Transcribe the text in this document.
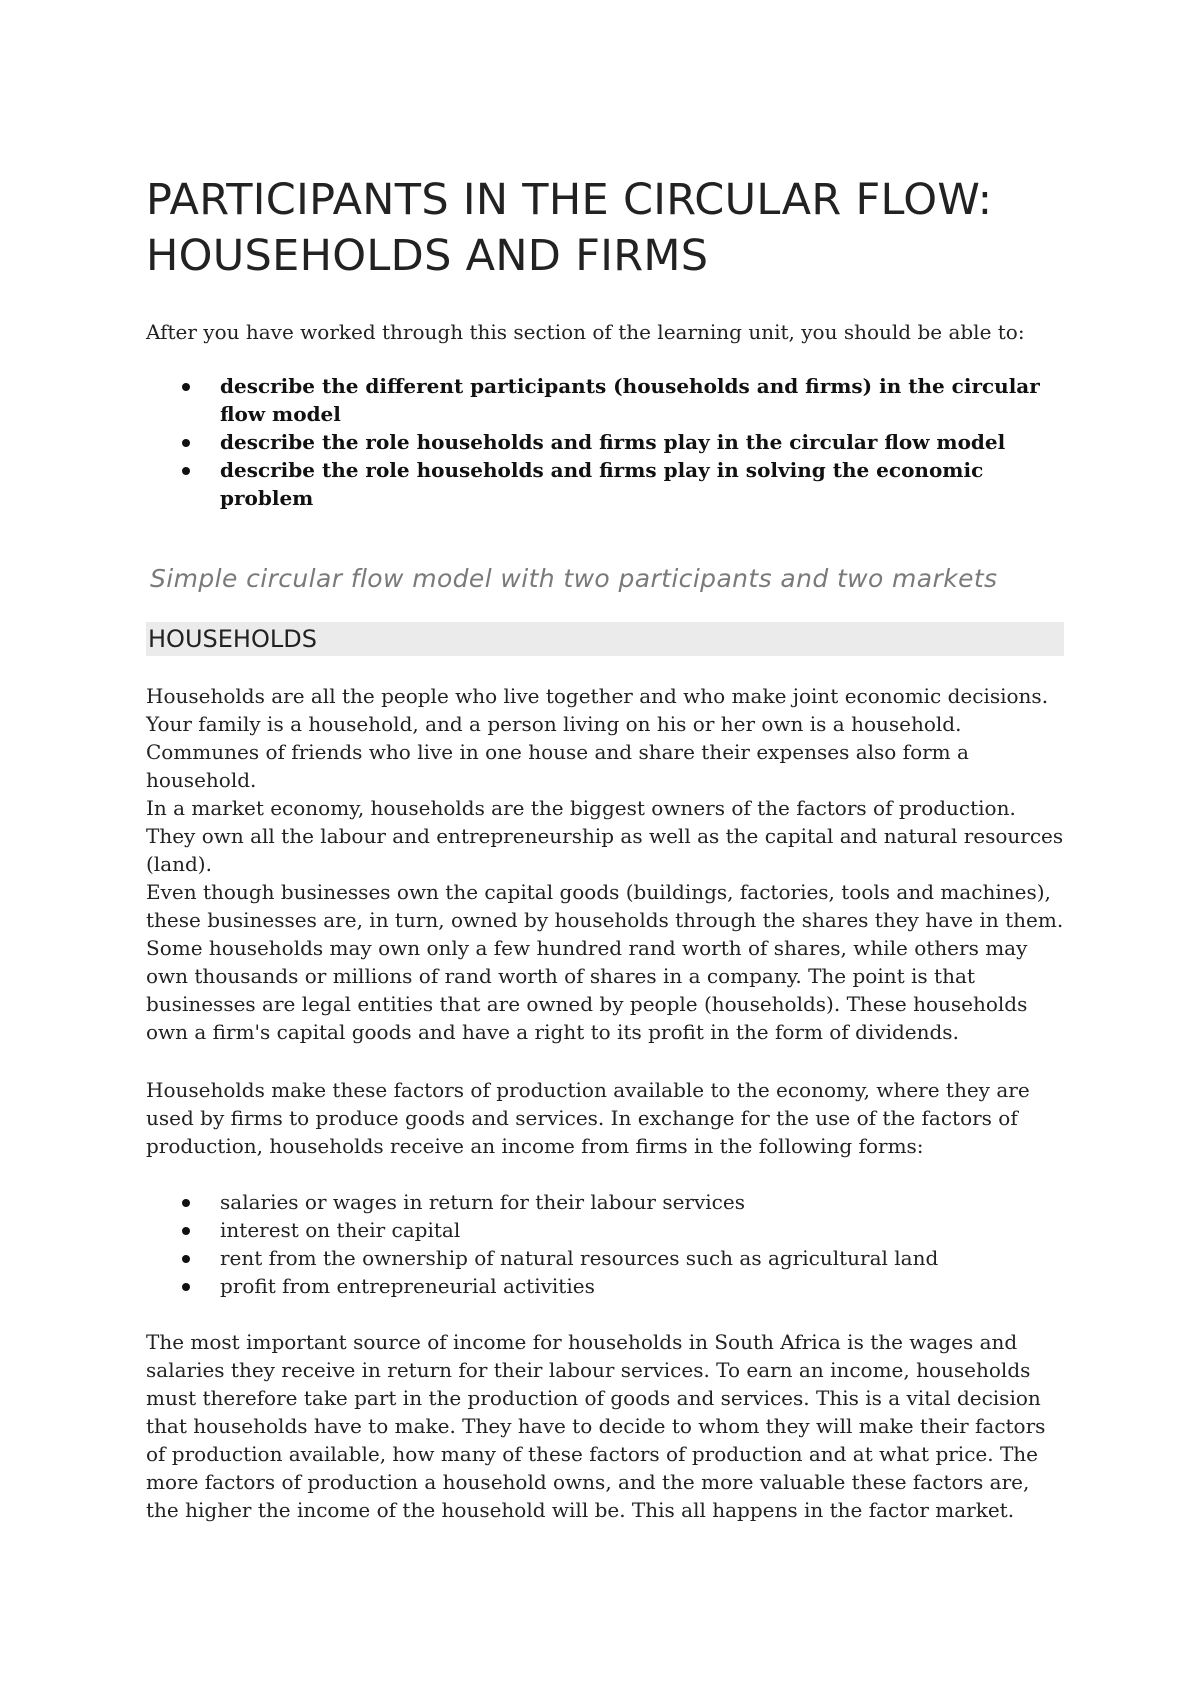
PARTICIPANTS IN THE CIRCULAR FLOW: HOUSEHOLDS AND FIRMS

After you have worked through this section of the learning unit, you should be able to:

describe the different participants (households and firms) in the circular flow model
describe the role households and firms play in the circular flow model
describe the role households and firms play in solving the economic problem
Simple circular flow model with two participants and two markets
HOUSEHOLDS

Households are all the people who live together and who make joint economic decisions. Your family is a household, and a person living on his or her own is a household. Communes of friends who live in one house and share their expenses also form a household.

In a market economy, households are the biggest owners of the factors of production. They own all the labour and entrepreneurship as well as the capital and natural resources (land).

Even though businesses own the capital goods (buildings, factories, tools and machines), these businesses are, in turn, owned by households through the shares they have in them. Some households may own only a few hundred rand worth of shares, while others may own thousands or millions of rand worth of shares in a company. The point is that businesses are legal entities that are owned by people (households). These households own a firm's capital goods and have a right to its profit in the form of dividends.

Households make these factors of production available to the economy, where they are used by firms to produce goods and services. In exchange for the use of the factors of production, households receive an income from firms in the following forms:

salaries or wages in return for their labour services
interest on their capital
rent from the ownership of natural resources such as agricultural land
profit from entrepreneurial activities

The most important source of income for households in South Africa is the wages and salaries they receive in return for their labour services. To earn an income, households must therefore take part in the production of goods and services. This is a vital decision that households have to make. They have to decide to whom they will make their factors of production available, how many of these factors of production and at what price. The more factors of production a household owns, and the more valuable these factors are, the higher the income of the household will be. This all happens in the factor market.
